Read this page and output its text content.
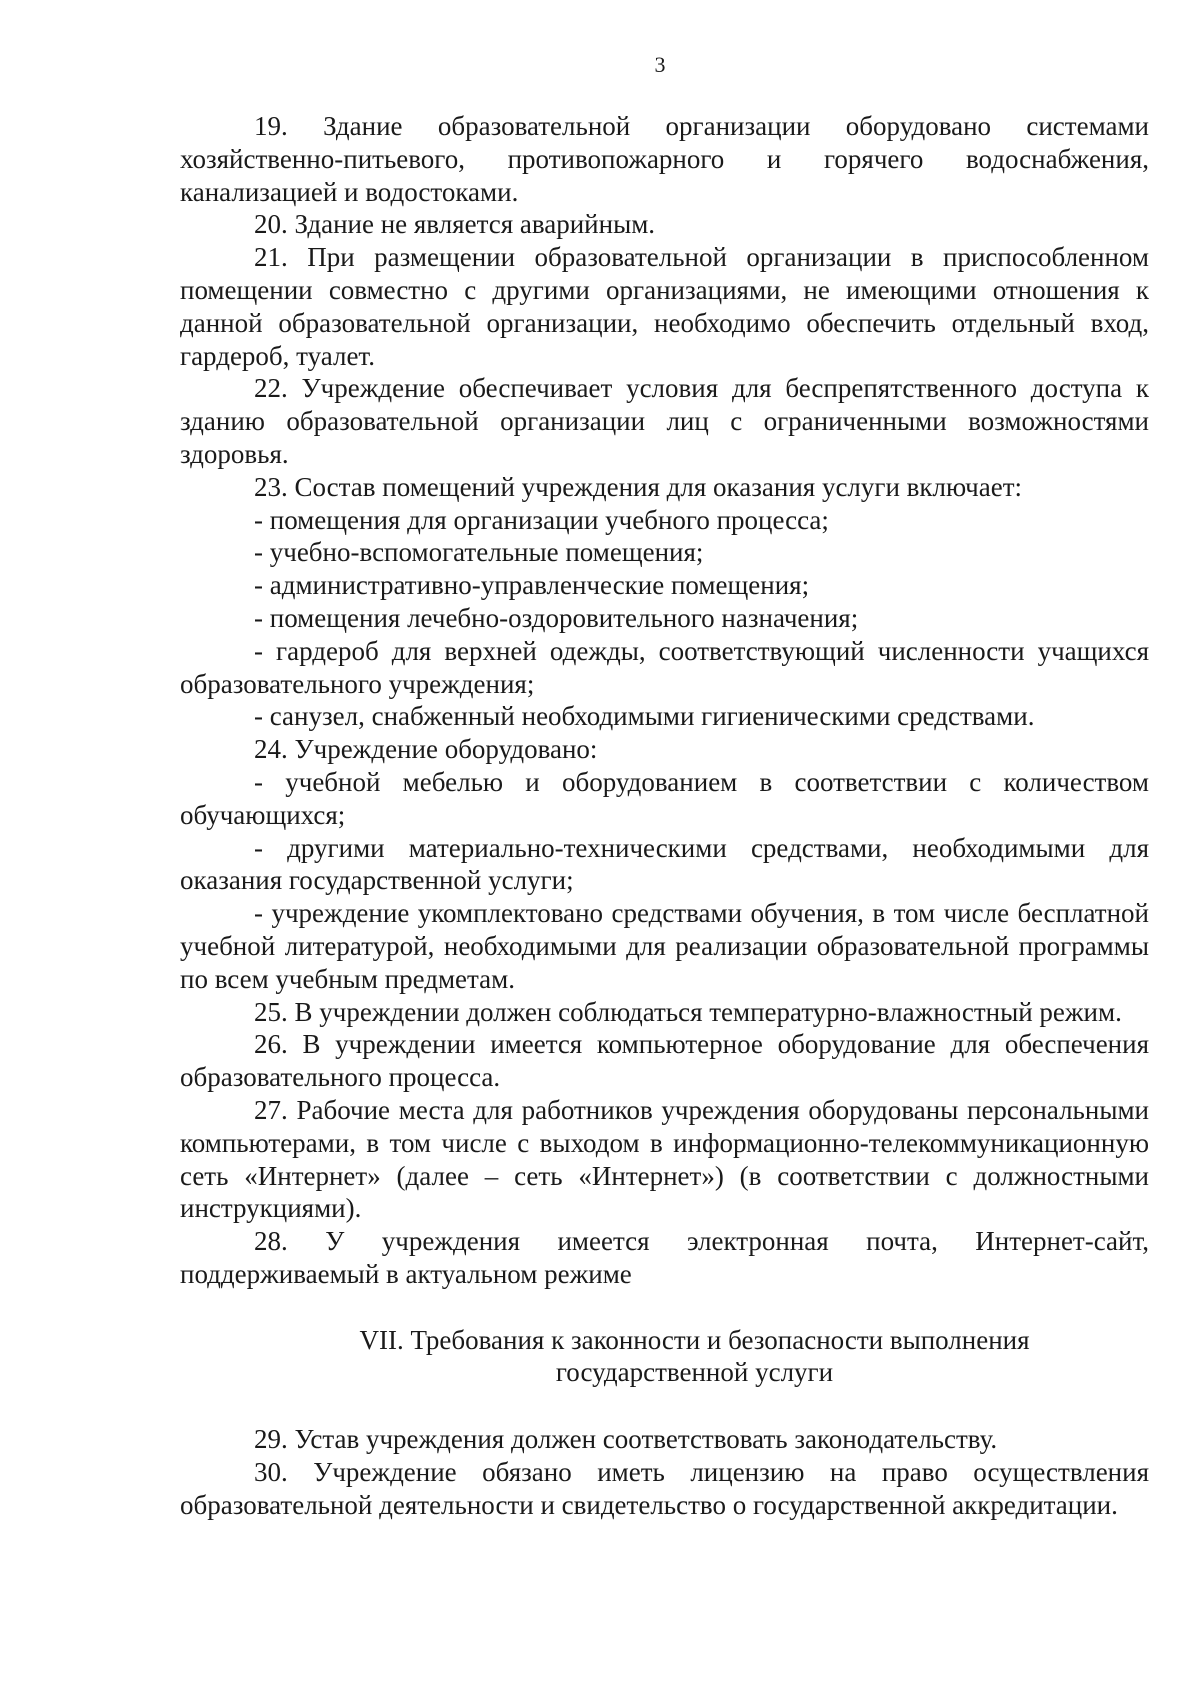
3

19. Здание образовательной организации оборудовано системами хозяйственно-питьевого, противопожарного и горячего водоснабжения, канализацией и водостоками.

20. Здание не является аварийным.

21. При размещении образовательной организации в приспособленном помещении совместно с другими организациями, не имеющими отношения к данной образовательной организации, необходимо обеспечить отдельный вход, гардероб, туалет.

22. Учреждение обеспечивает условия для беспрепятственного доступа к зданию образовательной организации лиц с ограниченными возможностями здоровья.

23. Состав помещений учреждения для оказания услуги включает:

- помещения для организации учебного процесса;

- учебно-вспомогательные помещения;

- административно-управленческие помещения;

- помещения лечебно-оздоровительного назначения;

- гардероб для верхней одежды, соответствующий численности учащихся образовательного учреждения;

- санузел, снабженный необходимыми гигиеническими средствами.

24. Учреждение оборудовано:

- учебной мебелью и оборудованием в соответствии с количеством обучающихся;

- другими материально-техническими средствами, необходимыми для оказания государственной услуги;

- учреждение укомплектовано средствами обучения, в том числе бесплатной учебной литературой, необходимыми для реализации образовательной программы по всем учебным предметам.

25. В учреждении должен соблюдаться температурно-влажностный режим.

26. В учреждении имеется компьютерное оборудование для обеспечения образовательного процесса.

27. Рабочие места для работников учреждения оборудованы персональными компьютерами, в том числе с выходом в информационно-телекоммуникационную сеть «Интернет» (далее – сеть «Интернет») (в соответствии с должностными инструкциями).

28. У учреждения имеется электронная почта, Интернет-сайт, поддерживаемый в актуальном режиме

VII. Требования к законности и безопасности выполнения
государственной услуги

29. Устав учреждения должен соответствовать законодательству.

30. Учреждение обязано иметь лицензию на право осуществления образовательной деятельности и свидетельство о государственной аккредитации.
